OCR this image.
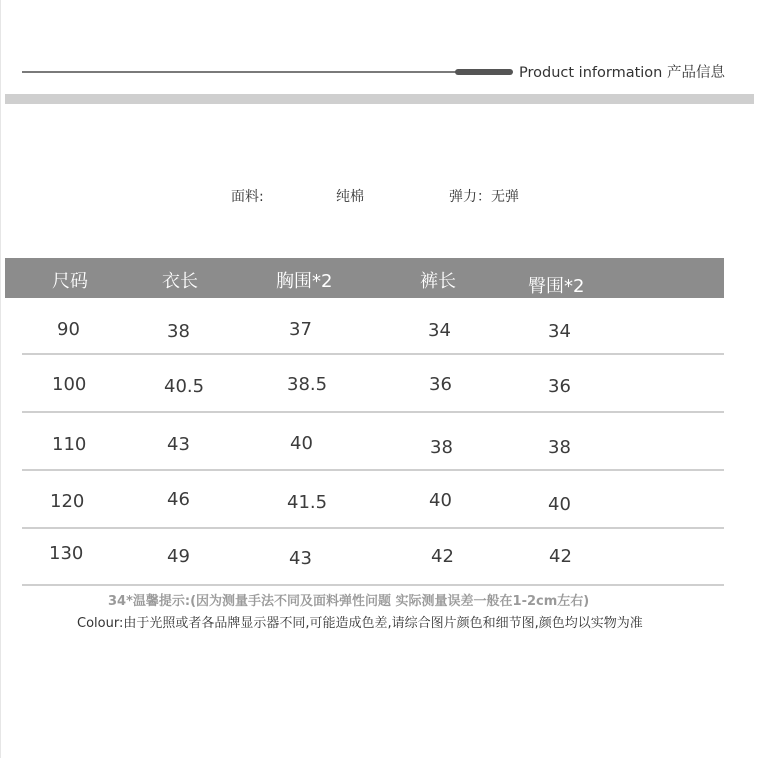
Product information 产品信息
面料:	纯棉	弹力：无弹
尺码	衣长	胸围*2	裤长	臀围*2
90	38	37	34	34
100	40.5	38.5	36	36
110	43	40	38	38
120	46	41.5	40	40
130	49	43	42	42
34*温馨提示:(因为测量手法不同及面料弹性问题 实际测量误差一般在1-2cm左右)
Colour:由于光照或者各品牌显示器不同,可能造成色差,请综合图片颜色和细节图,颜色均以实物为准
